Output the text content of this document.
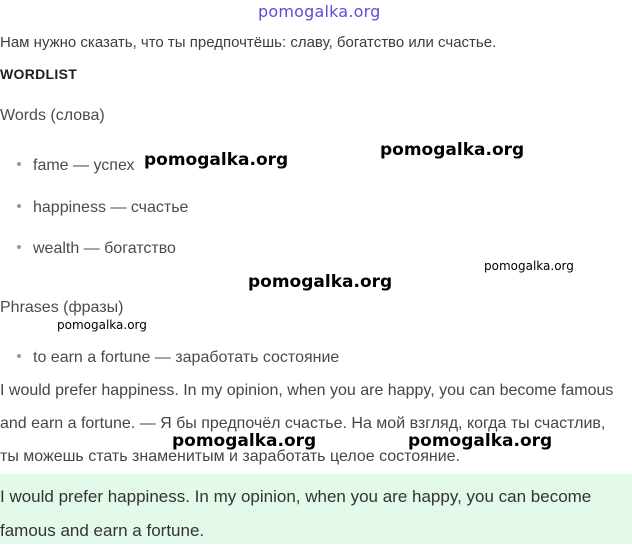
pomogalka.org
Нам нужно сказать, что ты предпочтёшь: славу, богатство или счастье.
WORDLIST
Words (слова)
fame — успех
happiness — счастье
wealth — богатство
Phrases (фразы)
to earn a fortune — заработать состояние
I would prefer happiness. In my opinion, when you are happy, you can become famous and earn a fortune. — Я бы предпочёл счастье. На мой взгляд, когда ты счастлив, ты можешь стать знаменитым и заработать целое состояние.
I would prefer happiness. In my opinion, when you are happy, you can become famous and earn a fortune.
pomogalka.org	pomogalka.org
pomogalka.org
pomogalka.org
pomogalka.org
pomogalka.org	pomogalka.org
